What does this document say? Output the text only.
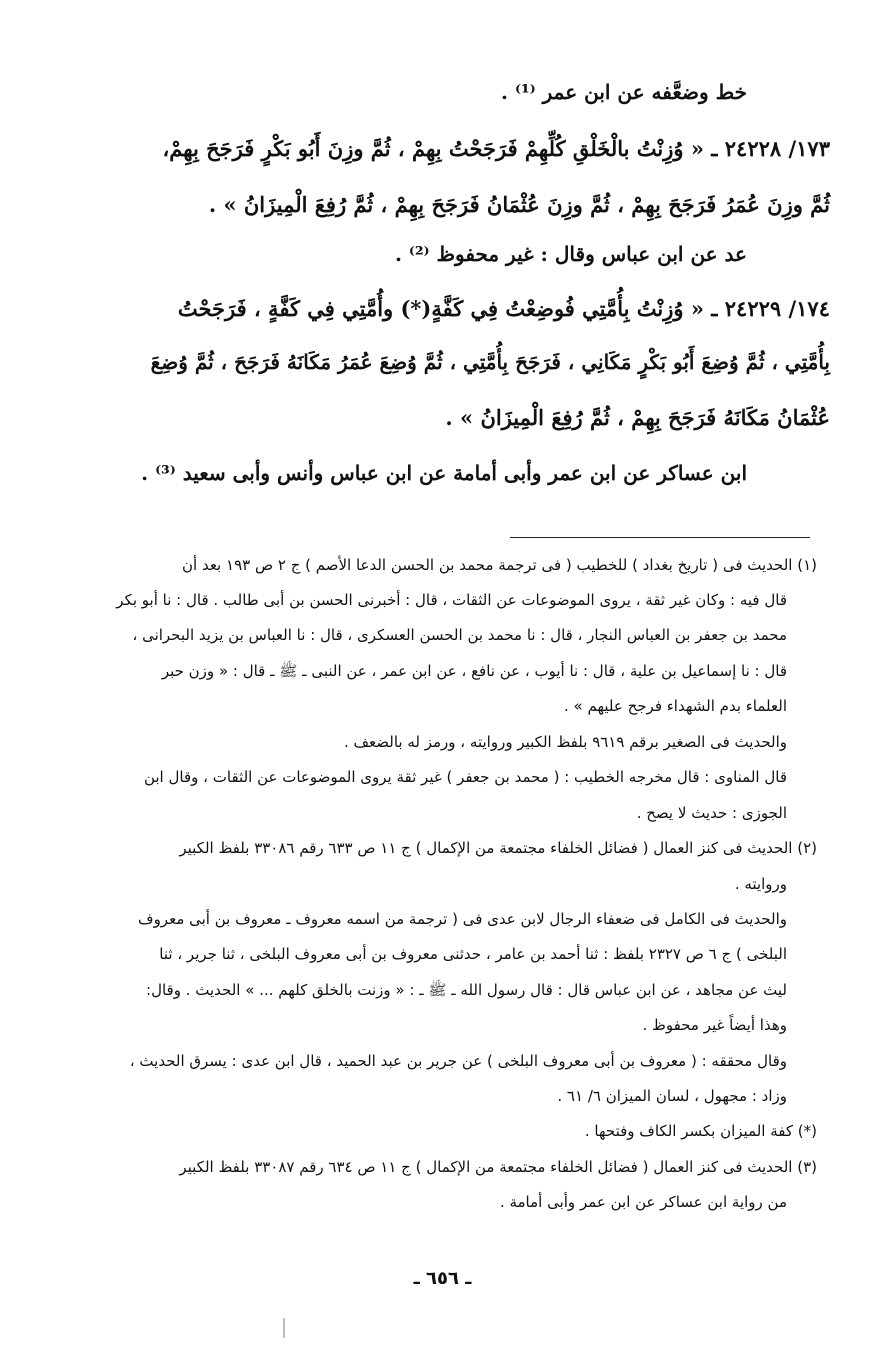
خط وضعَّفه عن ابن عمر ⁽¹⁾ .
١٧٣/ ٢٤٢٢٨ ـ « وُزِنْتُ بالْخَلْقِ كُلِّهِمْ فَرَجَحْتُ بِهِمْ ، ثُمَّ وزِنَ أَبُو بَكْرٍ فَرَجَحَ بِهِمْ،
ثُمَّ وزِنَ عُمَرُ فَرَجَحَ بِهِمْ ، ثُمَّ وزِنَ عُثْمَانُ فَرَجَحَ بِهِمْ ، ثُمَّ رُفِعَ الْمِيزَانُ » .
عد عن ابن عباس وقال : غير محفوظ ⁽²⁾ .
١٧٤/ ٢٤٢٢٩ ـ « وُزِنْتُ بِأُمَّتِي فُوضِعْتُ فِي كَفَّةٍ(*) وأُمَّتِي فِي كَفَّةٍ ، فَرَجَحْتُ
بِأُمَّتِي ، ثُمَّ وُضِعَ أَبُو بَكْرٍ مَكَانِي ، فَرَجَحَ بِأُمَّتِي ، ثُمَّ وُضِعَ عُمَرُ مَكَانَهُ فَرَجَحَ ، ثُمَّ وُضِعَ
عُثْمَانُ مَكَانَهُ فَرَجَحَ بِهِمْ ، ثُمَّ رُفِعَ الْمِيزَانُ » .
ابن عساكر عن ابن عمر وأبى أمامة عن ابن عباس وأنس وأبى سعيد ⁽³⁾ .
(١) الحديث فى ( تاريخ بغداد ) للخطيب ( فى ترجمة محمد بن الحسن الدعا الأصم ) ج ٢ ص ١٩٣ بعد أن
قال فيه : وكان غير ثقة ، يروى الموضوعات عن الثقات ، قال : أخبرنى الحسن بن أبى طالب . قال : نا أبو بكر
محمد بن جعفر بن العباس النجار ، قال : نا محمد بن الحسن العسكرى ، قال : نا العباس بن يزيد البحرانى ،
قال : نا إسماعيل بن علية ، قال : نا أيوب ، عن نافع ، عن ابن عمر ، عن النبى ـ ﷺ ـ قال : « وزن حبر
العلماء بدم الشهداء فرجح عليهم » .
والحديث فى الصغير برقم ٩٦١٩ بلفظ الكبير وروايته ، ورمز له بالضعف .
قال المناوى : قال مخرجه الخطيب : ( محمد بن جعفر ) غير ثقة يروى الموضوعات عن الثقات ، وقال ابن
الجوزى : حديث لا يصح .
(٢) الحديث فى كنز العمال ( فضائل الخلفاء مجتمعة من الإكمال ) ج ١١ ص ٦٣٣ رقم ٣٣٠٨٦ بلفظ الكبير
وروايته .
والحديث فى الكامل فى ضعفاء الرجال لابن عدى فى ( ترجمة من اسمه معروف ـ معروف بن أبى معروف
البلخى ) ج ٦ ص ٢٣٢٧ بلفظ : ثنا أحمد بن عامر ، حدثنى معروف بن أبى معروف البلخى ، ثنا جرير ، ثنا
ليث عن مجاهد ، عن ابن عباس قال : قال رسول الله ـ ﷺ ـ : « وزنت بالخلق كلهم ... » الحديث . وقال:
وهذا أيضاً غير محفوظ .
وقال محققه : ( معروف بن أبى معروف البلخى ) عن جرير بن عبد الحميد ، قال ابن عدى : يسرق الحديث ،
وزاد : مجهول ، لسان الميزان ٦/ ٦١ .
(*) كفة الميزان بكسر الكاف وفتحها .
(٣) الحديث فى كنز العمال ( فضائل الخلفاء مجتمعة من الإكمال ) ج ١١ ص ٦٣٤ رقم ٣٣٠٨٧ بلفظ الكبير
من رواية ابن عساكر عن ابن عمر وأبى أمامة .
ـ ٦٥٦ ـ
